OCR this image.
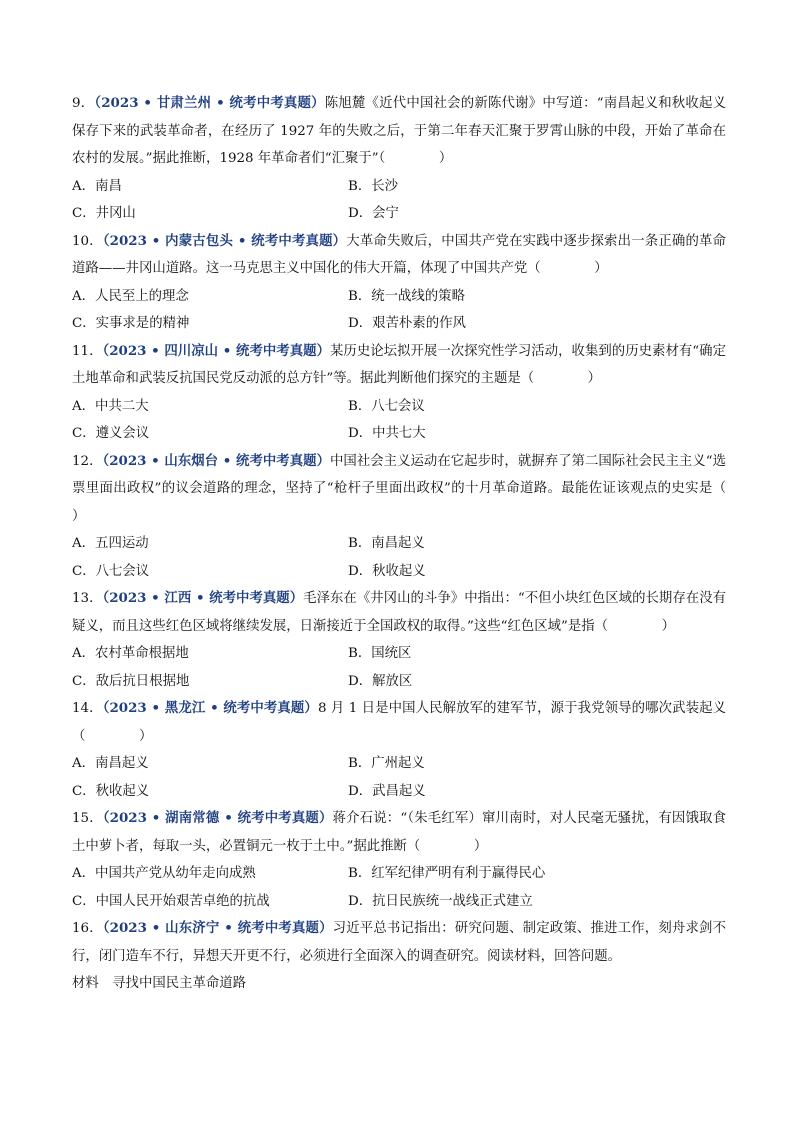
9．（2023 • 甘肃兰州 • 统考中考真题）陈旭麓《近代中国社会的新陈代谢》中写道：“南昌起义和秋收起义保存下来的武装革命者，在经历了 1927 年的失败之后，于第二年春天汇聚于罗霄山脉的中段，开始了革命在农村的发展。”据此推断，1928 年革命者们“汇聚于”（　　　　）
A．南昌	B．长沙
C．井冈山	D．会宁
10．（2023 • 内蒙古包头 • 统考中考真题）大革命失败后，中国共产党在实践中逐步探索出一条正确的革命道路——井冈山道路。这一马克思主义中国化的伟大开篇，体现了中国共产党（　　　　）
A．人民至上的理念	B．统一战线的策略
C．实事求是的精神	D．艰苦朴素的作风
11．（2023 • 四川凉山 • 统考中考真题）某历史论坛拟开展一次探究性学习活动，收集到的历史素材有“确定土地革命和武装反抗国民党反动派的总方针”等。据此判断他们探究的主题是（　　　　）
A．中共二大	B．八七会议
C．遵义会议	D．中共七大
12．（2023 • 山东烟台 • 统考中考真题）中国社会主义运动在它起步时，就摒弃了第二国际社会民主主义“选票里面出政权”的议会道路的理念，坚持了“枪杆子里面出政权”的十月革命道路。最能佐证该观点的史实是（　　　　）
A．五四运动	B．南昌起义
C．八七会议	D．秋收起义
13．（2023 • 江西 • 统考中考真题）毛泽东在《井冈山的斗争》中指出：“不但小块红色区域的长期存在没有疑义，而且这些红色区域将继续发展，日渐接近于全国政权的取得。”这些“红色区域”是指（　　　　）
A．农村革命根据地	B．国统区
C．敌后抗日根据地	D．解放区
14．（2023 • 黑龙江 • 统考中考真题）8 月 1 日是中国人民解放军的建军节，源于我党领导的哪次武装起义（　　　　）
A．南昌起义	B．广州起义
C．秋收起义	D．武昌起义
15．（2023 • 湖南常德 • 统考中考真题）蒋介石说：“（朱毛红军）窜川南时，对人民毫无骚扰，有因饿取食土中萝卜者，每取一头，必置铜元一枚于土中。”据此推断（　　　　）
A．中国共产党从幼年走向成熟	B．红军纪律严明有利于赢得民心
C．中国人民开始艰苦卓绝的抗战	D．抗日民族统一战线正式建立
16．（2023 • 山东济宁 • 统考中考真题）习近平总书记指出：研究问题、制定政策、推进工作，刻舟求剑不行，闭门造车不行，异想天开更不行，必须进行全面深入的调查研究。阅读材料，回答问题。
材料　寻找中国民主革命道路
